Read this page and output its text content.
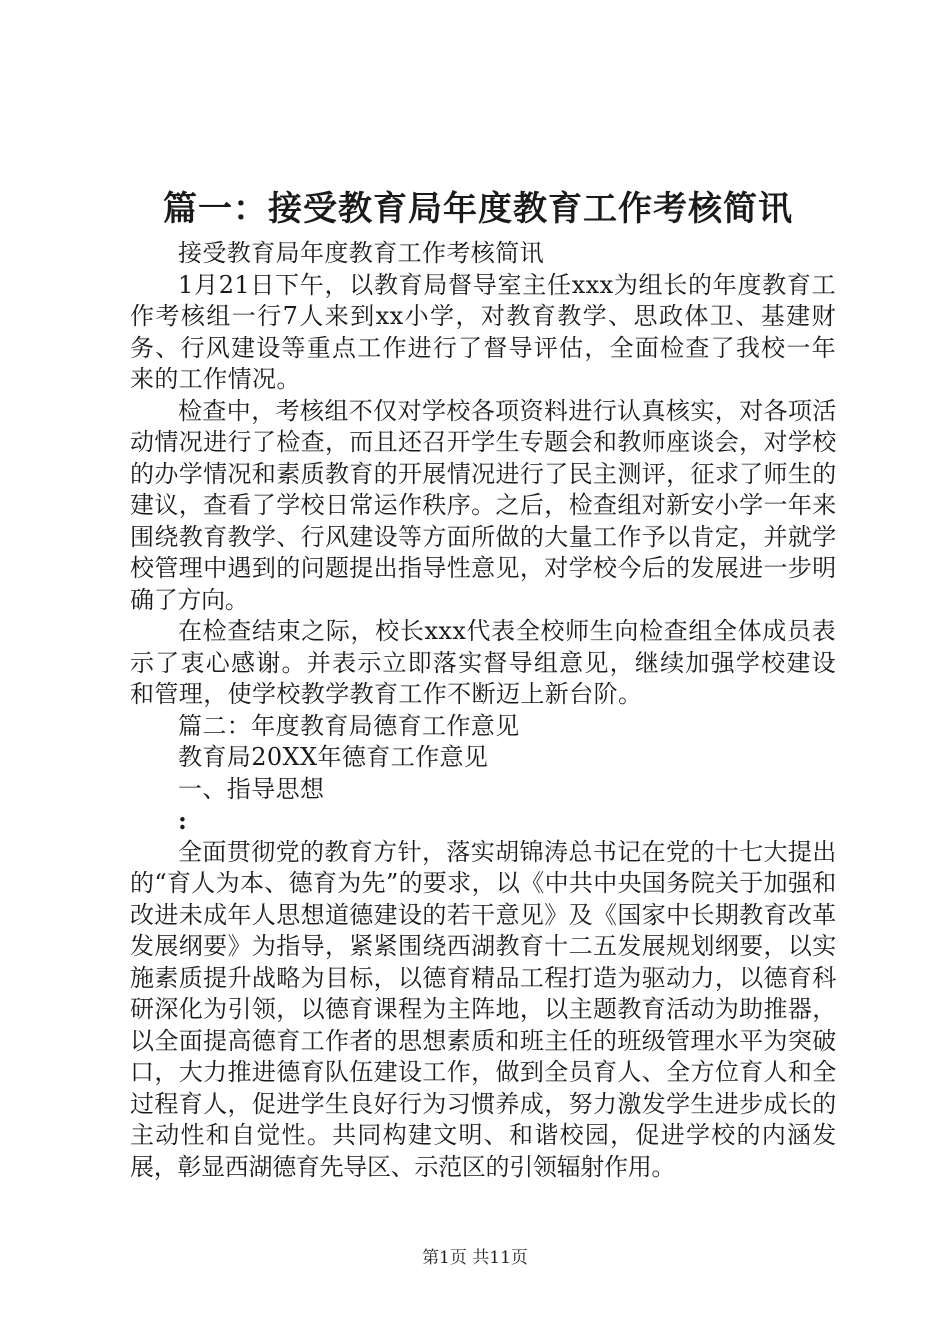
篇一：接受教育局年度教育工作考核简讯

接受教育局年度教育工作考核简讯

1月21日下午，以教育局督导室主任xxx为组长的年度教育工作考核组一行7人来到xx小学，对教育教学、思政体卫、基建财务、行风建设等重点工作进行了督导评估，全面检查了我校一年来的工作情况。

检查中，考核组不仅对学校各项资料进行认真核实，对各项活动情况进行了检查，而且还召开学生专题会和教师座谈会，对学校的办学情况和素质教育的开展情况进行了民主测评，征求了师生的建议，查看了学校日常运作秩序。之后，检查组对新安小学一年来围绕教育教学、行风建设等方面所做的大量工作予以肯定，并就学校管理中遇到的问题提出指导性意见，对学校今后的发展进一步明确了方向。

在检查结束之际，校长xxx代表全校师生向检查组全体成员表示了衷心感谢。并表示立即落实督导组意见，继续加强学校建设和管理，使学校教学教育工作不断迈上新台阶。

篇二：年度教育局德育工作意见

教育局20XX年德育工作意见

一、指导思想

:

全面贯彻党的教育方针，落实胡锦涛总书记在党的十七大提出的“育人为本、德育为先”的要求，以《中共中央国务院关于加强和改进未成年人思想道德建设的若干意见》及《国家中长期教育改革发展纲要》为指导，紧紧围绕西湖教育十二五发展规划纲要，以实施素质提升战略为目标，以德育精品工程打造为驱动力，以德育科研深化为引领，以德育课程为主阵地，以主题教育活动为助推器，以全面提高德育工作者的思想素质和班主任的班级管理水平为突破口，大力推进德育队伍建设工作，做到全员育人、全方位育人和全过程育人，促进学生良好行为习惯养成，努力激发学生进步成长的主动性和自觉性。共同构建文明、和谐校园，促进学校的内涵发展，彰显西湖德育先导区、示范区的引领辐射作用。

第1页 共11页
